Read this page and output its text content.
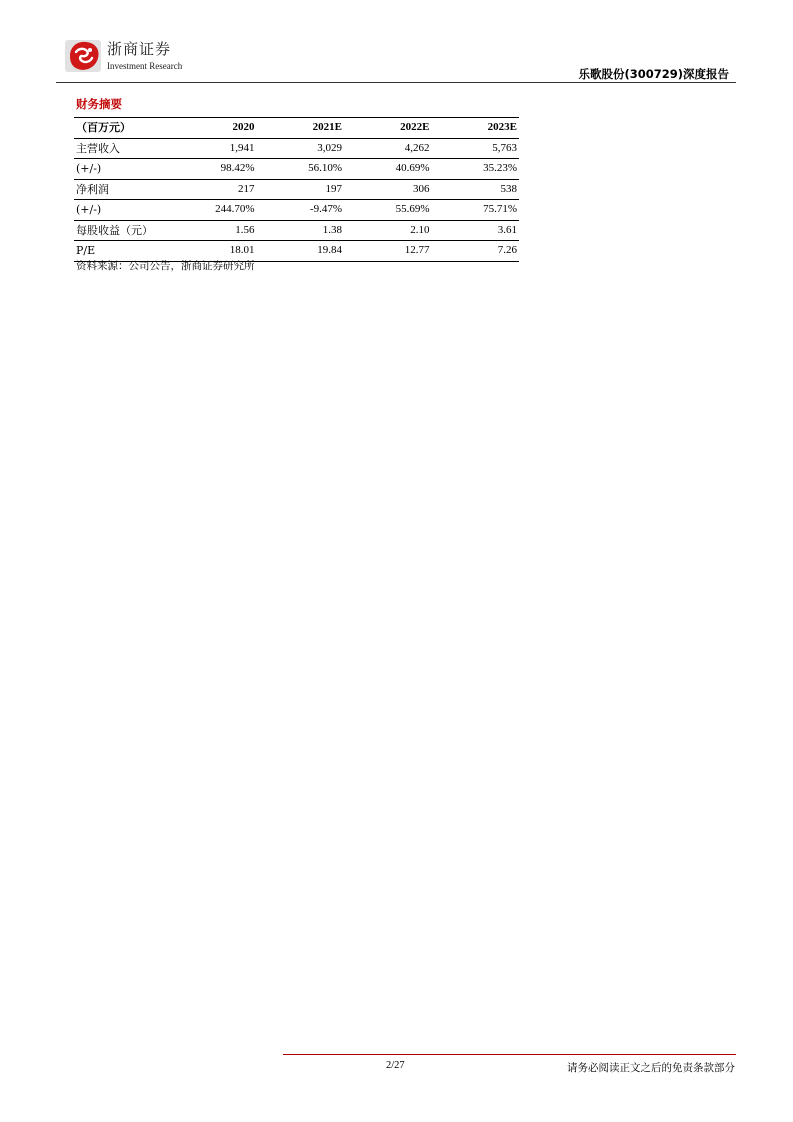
浙商证券
Investment Research
乐歌股份(300729)深度报告
财务摘要
（百万元）	2020	2021E	2022E	2023E
主营收入	1,941	3,029	4,262	5,763
(+/-)	98.42%	56.10%	40.69%	35.23%
净利润	217	197	306	538
(+/-)	244.70%	-9.47%	55.69%	75.71%
每股收益（元）	1.56	1.38	2.10	3.61
P/E	18.01	19.84	12.77	7.26
资料来源：公司公告，浙商证券研究所
2/27	请务必阅读正文之后的免责条款部分
